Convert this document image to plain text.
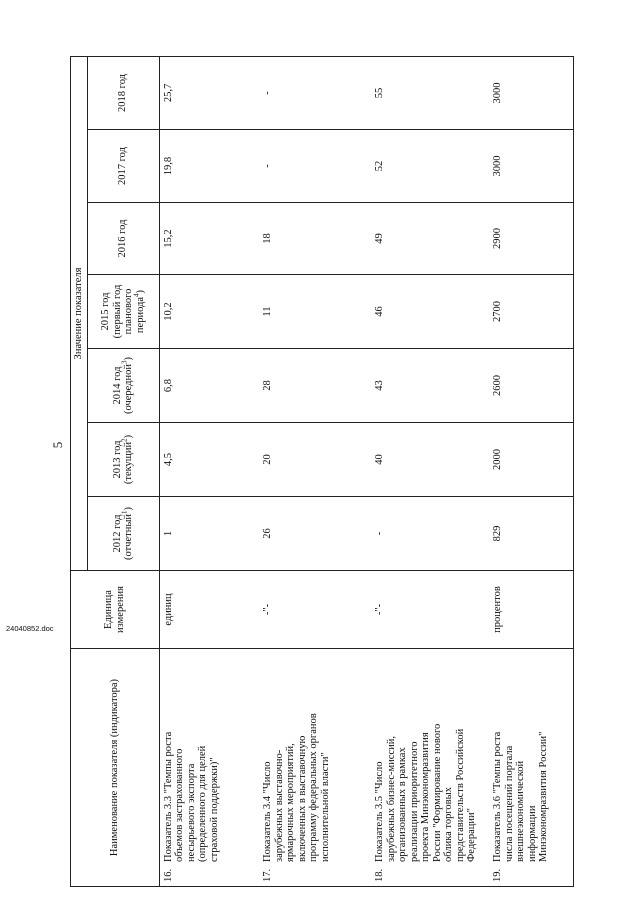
5
Наименование показателя (индикатора)	Единица измерения	Значение показателя						
		2012 год (отчетный$^1$)	2013 год (текущий$^2$)	2014 год (очередной$^3$)	2015 год (первый год планового периода$^4$)	2016 год	2017 год	2018 год
16.Показатель 3.3 "Темпы роста объемов застрахованного несырьевого экспорта (определенного для целей страховой поддержки)"	единиц	1	4,5	6,8	10,2	15,2	19,8	25,7
17.Показатель 3.4 "Число зарубежных выставочно-ярмарочных мероприятий, включенных в выставочную программу федеральных органов исполнительной власти"	-"-	26	20	28	11	18	-	-
18.Показатель 3.5 "Число зарубежных бизнес-миссий, организованных в рамках реализации приоритетного проекта Минэкономразвития России "Формирование нового облика торговых представительств Российской Федерации"	-"-	-	40	43	46	49	52	55
19.Показатель 3.6 "Темпы роста числа посещений портала внешнеэкономической информации Минэкономразвития России"	процентов	829	2000	2600	2700	2900	3000	3000
24040852.doc
